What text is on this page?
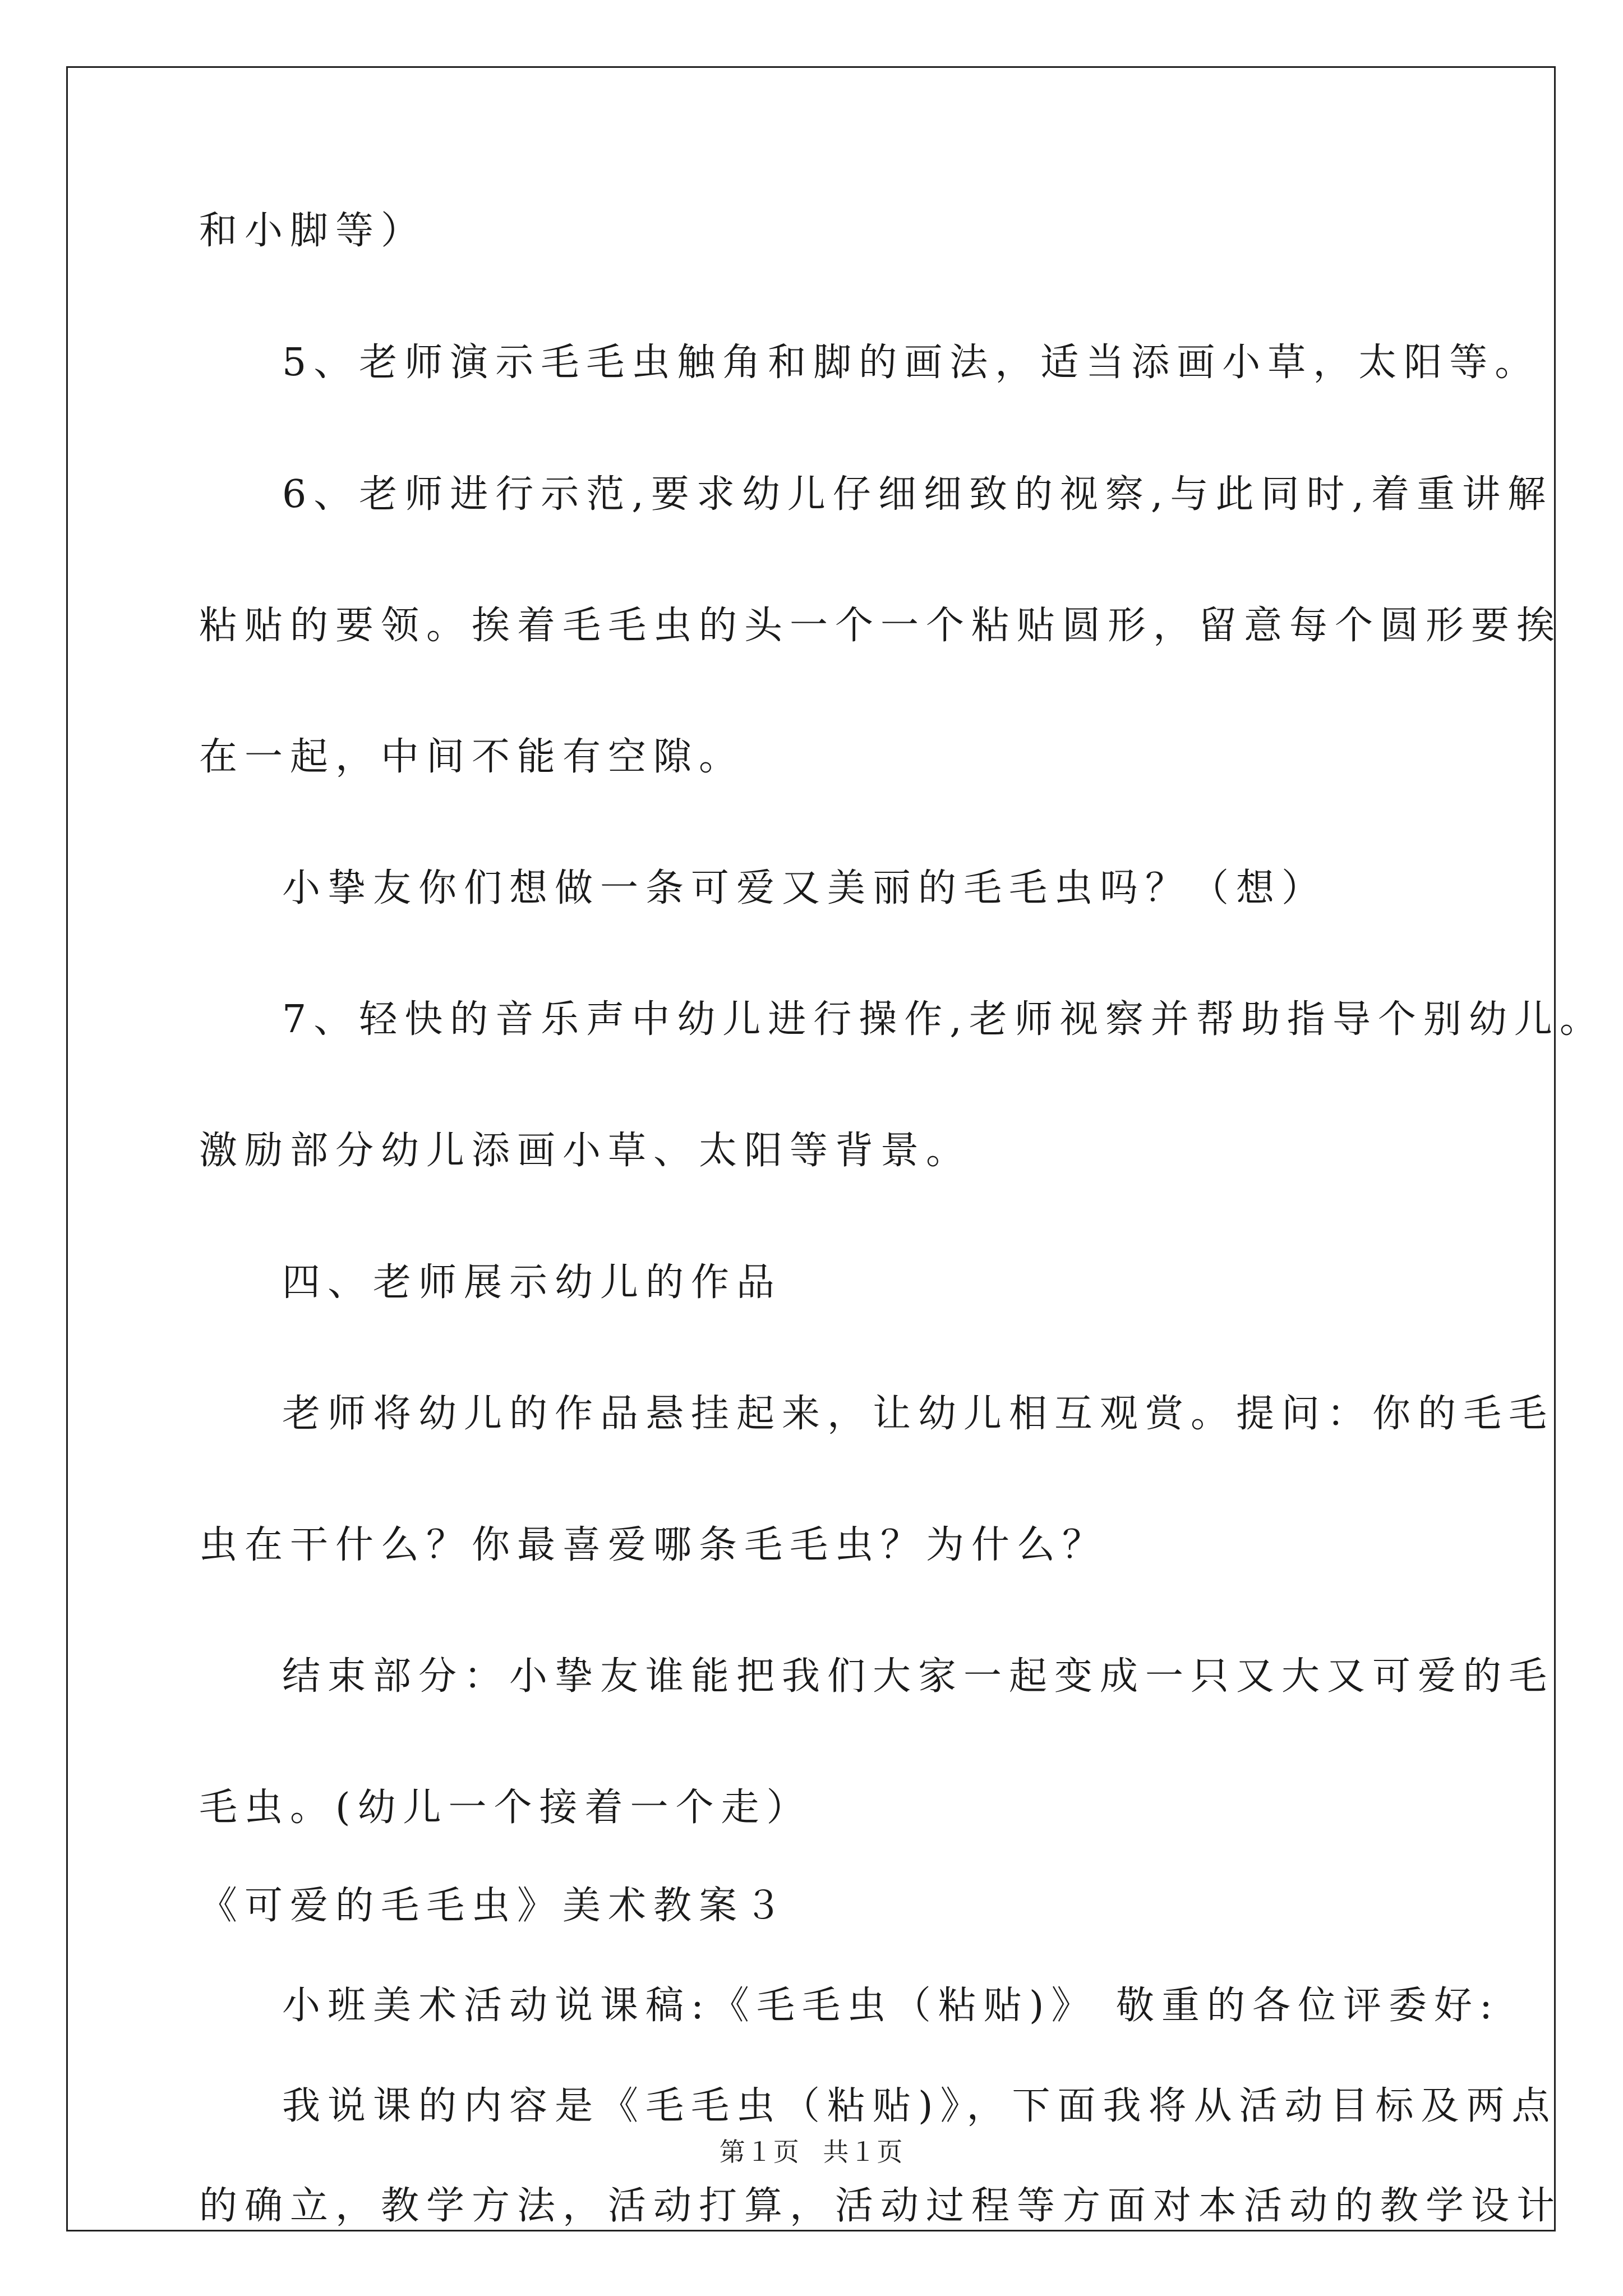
和小脚等）
5、老师演示毛毛虫触角和脚的画法，适当添画小草，太阳等。
6、老师进行示范,要求幼儿仔细细致的视察,与此同时,着重讲解
粘贴的要领。挨着毛毛虫的头一个一个粘贴圆形，留意每个圆形要挨
在一起，中间不能有空隙。
小挚友你们想做一条可爱又美丽的毛毛虫吗？（想）
7、轻快的音乐声中幼儿进行操作,老师视察并帮助指导个别幼儿。
激励部分幼儿添画小草、太阳等背景。
四、老师展示幼儿的作品
老师将幼儿的作品悬挂起来，让幼儿相互观赏。提问：你的毛毛
虫在干什么？你最喜爱哪条毛毛虫？为什么？
结束部分：小挚友谁能把我们大家一起变成一只又大又可爱的毛
毛虫。(幼儿一个接着一个走）
《可爱的毛毛虫》美术教案３
小班美术活动说课稿:《毛毛虫（粘贴)》 敬重的各位评委好:
我说课的内容是《毛毛虫（粘贴)》，下面我将从活动目标及两点
的确立，教学方法，活动打算，活动过程等方面对本活动的教学设计
第１页 共１页
